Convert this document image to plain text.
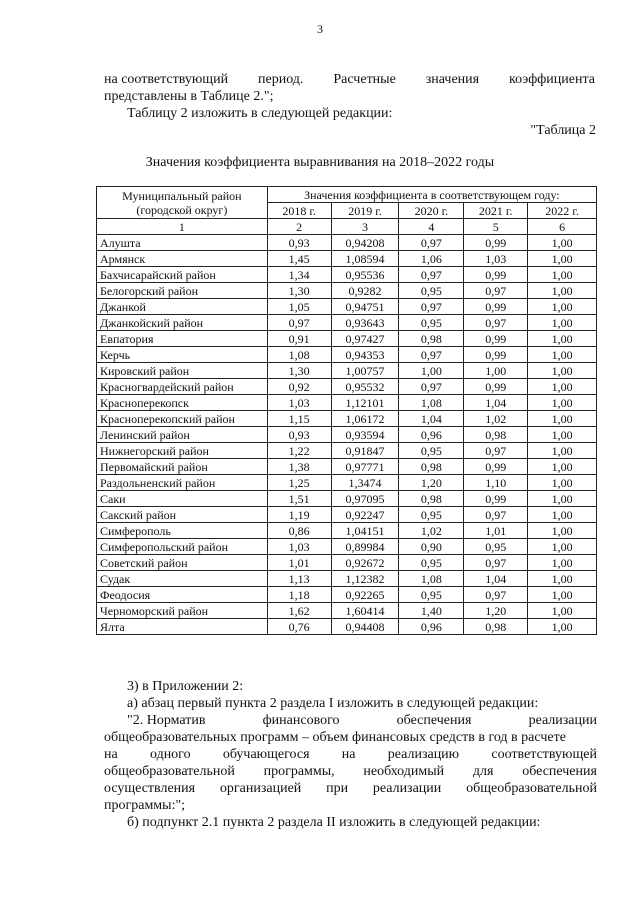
3
на соответствующий период. Расчетные значения коэффициента
представлены в Таблице 2.";
Таблицу 2 изложить в следующей редакции:
"Таблица 2
Значения коэффициента выравнивания на 2018–2022 годы
Муниципальный район (городской округ)	Значения коэффициента в соответствующем году:				
	2018 г.	2019 г.	2020 г.	2021 г.	2022 г.
1	2	3	4	5	6
Алушта	0,93	0,94208	0,97	0,99	1,00
Армянск	1,45	1,08594	1,06	1,03	1,00
Бахчисарайский район	1,34	0,95536	0,97	0,99	1,00
Белогорский район	1,30	0,9282	0,95	0,97	1,00
Джанкой	1,05	0,94751	0,97	0,99	1,00
Джанкойский район	0,97	0,93643	0,95	0,97	1,00
Евпатория	0,91	0,97427	0,98	0,99	1,00
Керчь	1,08	0,94353	0,97	0,99	1,00
Кировский район	1,30	1,00757	1,00	1,00	1,00
Красногвардейский район	0,92	0,95532	0,97	0,99	1,00
Красноперекопск	1,03	1,12101	1,08	1,04	1,00
Красноперекопский район	1,15	1,06172	1,04	1,02	1,00
Ленинский район	0,93	0,93594	0,96	0,98	1,00
Нижнегорский район	1,22	0,91847	0,95	0,97	1,00
Первомайский район	1,38	0,97771	0,98	0,99	1,00
Раздольненский район	1,25	1,3474	1,20	1,10	1,00
Саки	1,51	0,97095	0,98	0,99	1,00
Сакский район	1,19	0,92247	0,95	0,97	1,00
Симферополь	0,86	1,04151	1,02	1,01	1,00
Симферопольский район	1,03	0,89984	0,90	0,95	1,00
Советский район	1,01	0,92672	0,95	0,97	1,00
Судак	1,13	1,12382	1,08	1,04	1,00
Феодосия	1,18	0,92265	0,95	0,97	1,00
Черноморский район	1,62	1,60414	1,40	1,20	1,00
Ялта	0,76	0,94408	0,96	0,98	1,00
3) в Приложении 2:
а) абзац первый пункта 2 раздела I изложить в следующей редакции:
"2. Норматив	финансового	обеспечения	реализации
общеобразовательных программ – объем финансовых средств в год в расчете
на одного обучающегося на реализацию соответствующей
общеобразовательной программы, необходимый для обеспечения
осуществления организацией при реализации общеобразовательной
программы:";
б) подпункт 2.1 пункта 2 раздела II изложить в следующей редакции:
